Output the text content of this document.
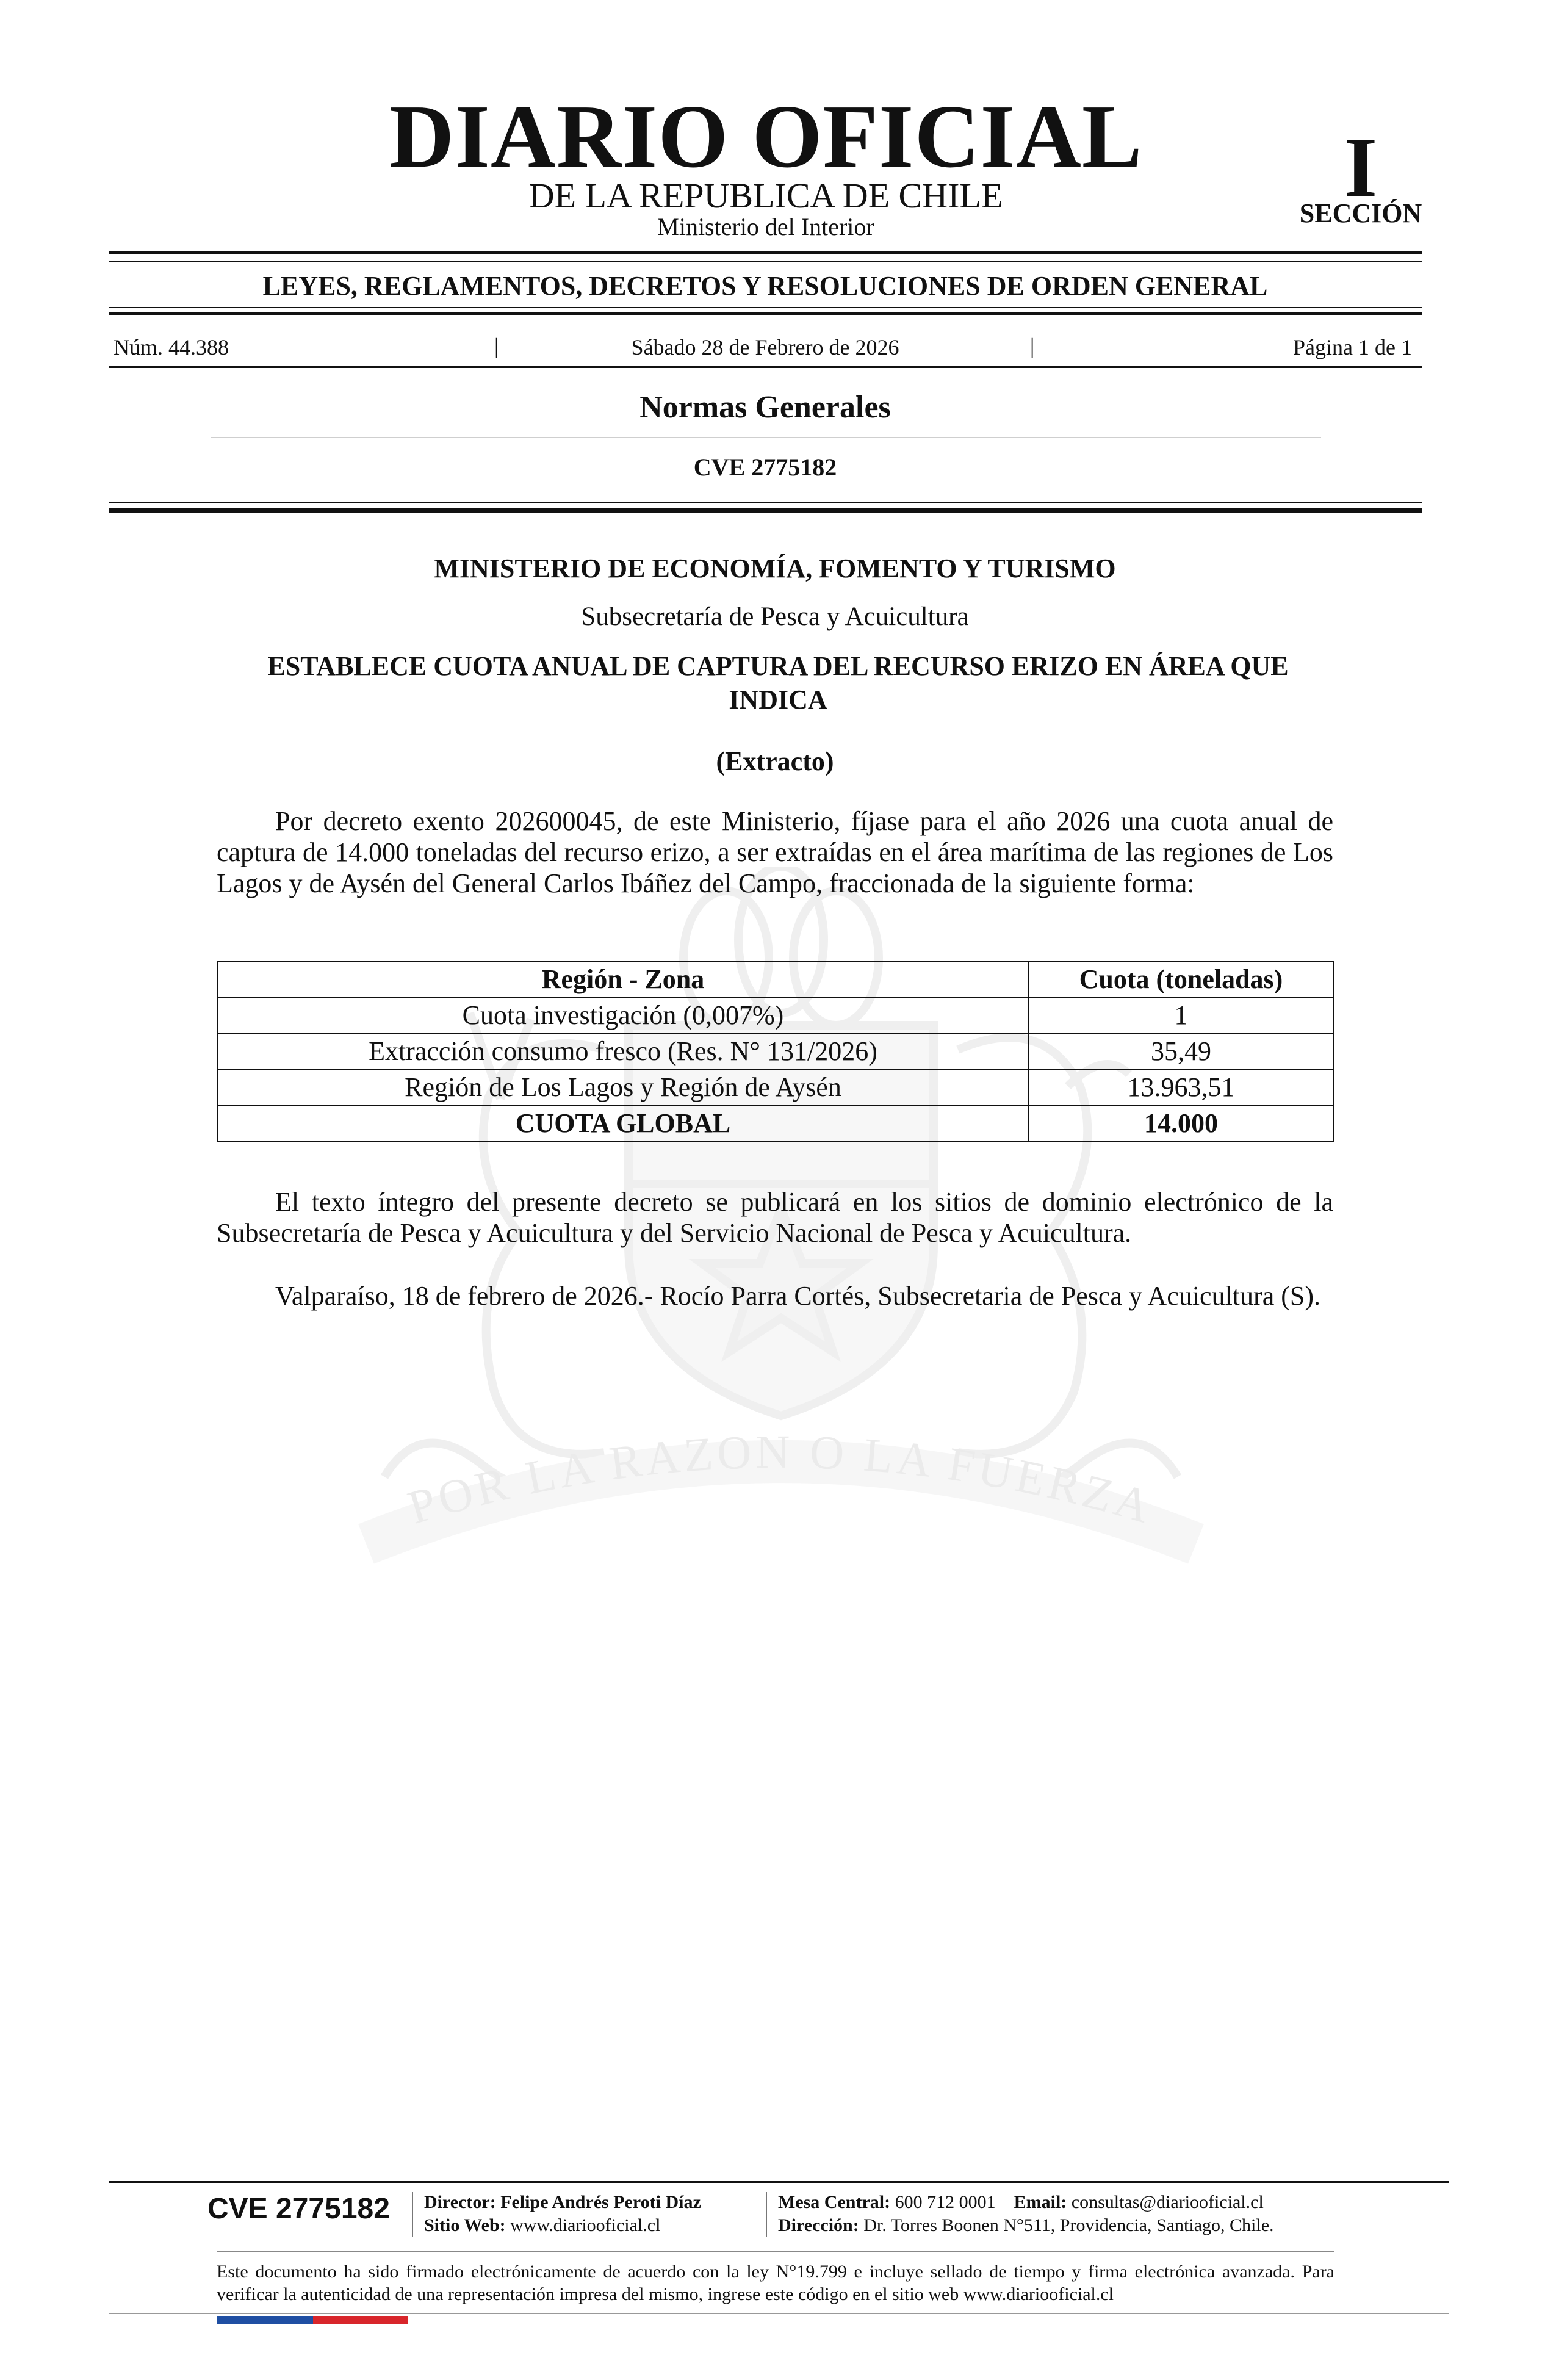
POR LA RAZON O LA FUERZA
DIARIO OFICIAL
DE LA REPUBLICA DE CHILE
Ministerio del Interior
I
SECCIÓN
LEYES, REGLAMENTOS, DECRETOS Y RESOLUCIONES DE ORDEN GENERAL
Núm. 44.388	|	Sábado 28 de Febrero de 2026	|	Página 1 de 1
Normas Generales
CVE 2775182
MINISTERIO DE ECONOMÍA, FOMENTO Y TURISMO
Subsecretaría de Pesca y Acuicultura
ESTABLECE CUOTA ANUAL DE CAPTURA DEL RECURSO ERIZO EN ÁREA QUE INDICA
(Extracto)
Por decreto exento 202600045, de este Ministerio, fíjase para el año 2026 una cuota anual de captura de 14.000 toneladas del recurso erizo, a ser extraídas en el área marítima de las regiones de Los Lagos y de Aysén del General Carlos Ibáñez del Campo, fraccionada de la siguiente forma:
Región - Zona	Cuota (toneladas)
Cuota investigación (0,007%)	1
Extracción consumo fresco (Res. N° 131/2026)	35,49
Región de Los Lagos y Región de Aysén	13.963,51
CUOTA GLOBAL	14.000
El texto íntegro del presente decreto se publicará en los sitios de dominio electrónico de la Subsecretaría de Pesca y Acuicultura y del Servicio Nacional de Pesca y Acuicultura.
Valparaíso, 18 de febrero de 2026.- Rocío Parra Cortés, Subsecretaria de Pesca y Acuicultura (S).
CVE 2775182 Director: Felipe Andrés Peroti Díaz
Sitio Web: www.diariooficial.cl
Mesa Central: 600 712 0001 Email: consultas@diariooficial.cl
Dirección: Dr. Torres Boonen N°511, Providencia, Santiago, Chile.
Este documento ha sido firmado electrónicamente de acuerdo con la ley N°19.799 e incluye sellado de tiempo y firma electrónica avanzada. Para verificar la autenticidad de una representación impresa del mismo, ingrese este código en el sitio web www.diariooficial.cl
